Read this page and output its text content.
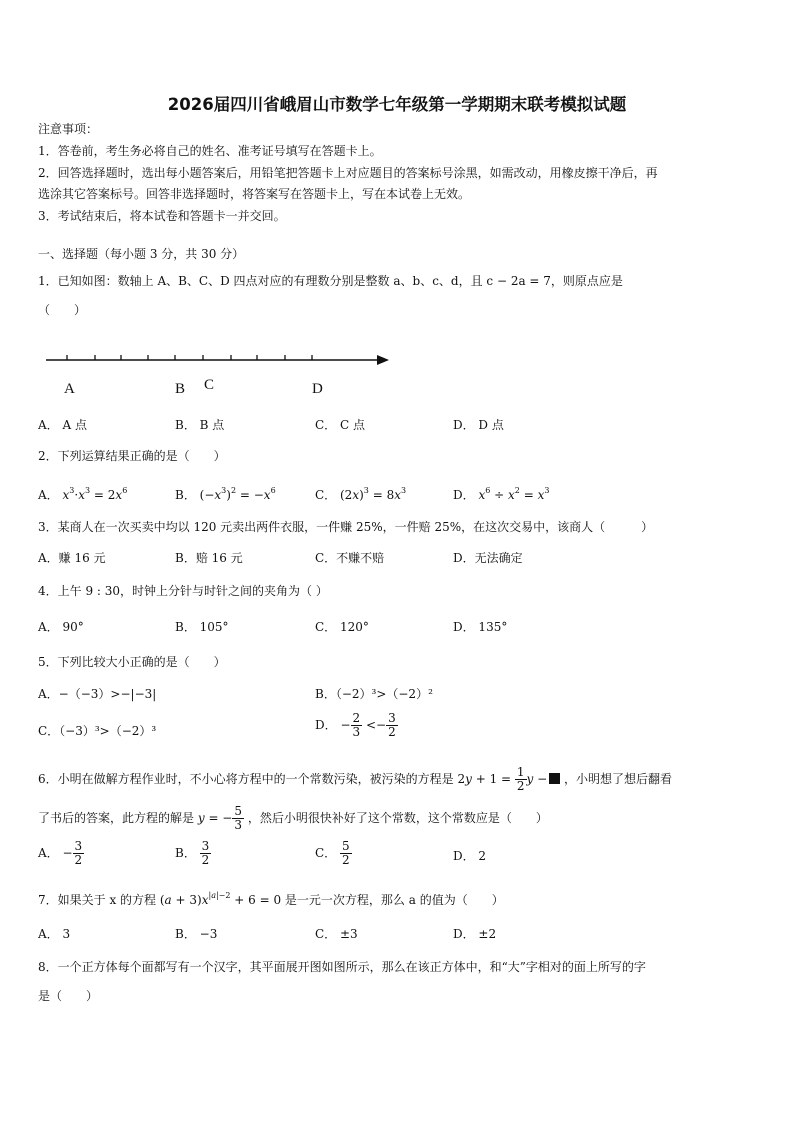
2026届四川省峨眉山市数学七年级第一学期期末联考模拟试题
注意事项：
1．答卷前，考生务必将自己的姓名、准考证号填写在答题卡上。
2．回答选择题时，选出每小题答案后，用铅笔把答题卡上对应题目的答案标号涂黑，如需改动，用橡皮擦干净后，再
选涂其它答案标号。回答非选择题时，将答案写在答题卡上，写在本试卷上无效。
3．考试结束后，将本试卷和答题卡一并交回。
一、选择题（每小题 3 分，共 30 分）
1．已知如图：数轴上 A、B、C、D 四点对应的有理数分别是整数 a、b、c、d，且 c − 2a = 7，则原点应是
（　　）
A	B C	D
A． A 点	B． B 点	C． C 点	D． D 点
2．下列运算结果正确的是（　　）
A． $x^3\cdot x^3 = 2x^6$	B． $(-x^3)^2 = -x^6$	C． $(2x)^3 = 8x^3$	D． $x^6 \div x^2 = x^3$
3．某商人在一次买卖中均以 120 元卖出两件衣服，一件赚 25%，一件赔 25%，在这次交易中，该商人（　　　）
A．赚 16 元	B．赔 16 元	C．不赚不赔	D．无法确定
4．上午 9 : 30，时钟上分针与时针之间的夹角为（ ）
A． 90°	B． 105°	C． 120°	D． 135°
5．下列比较大小正确的是（　　）
A．−（−3）>−|−3|	B．（−2）³>（−2）²
C．（−3）³>（−2）³	D． − $\frac{2}{3} <- \frac{3}{2}$
6．小明在做解方程作业时，不小心将方程中的一个常数污染，被污染的方程是 $2y + 1 = \frac{1}{2}$ y − ，小明想了想后翻看
了书后的答案，此方程的解是 y = − $\frac{5}{3}$ ，然后小明很快补好了这个常数，这个常数应是（　　）
A． − $\frac{3}{2}$	B． $\frac{3}{2}$	C． $\frac{5}{2}$	D． 2
7．如果关于 x 的方程 $(a + 3)x^{|a|-2} + 6 = 0$ 是一元一次方程，那么 a 的值为（　　）
A． 3	B． −3	C． ±3	D． ±2
8．一个正方体每个面都写有一个汉字，其平面展开图如图所示，那么在该正方体中，和“大”字相对的面上所写的字
是（　　）
